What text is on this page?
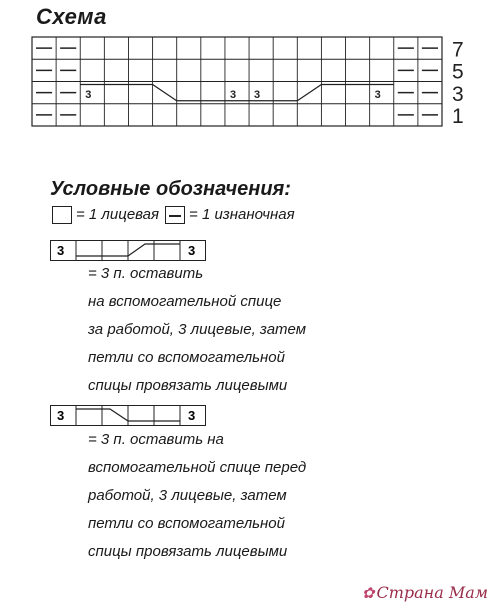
Схема
3	3 3	3
7
5
3
1
Условные обозначения:
= 1 лицевая = 1 изнаночная
3	3
= 3 п. оставить
на вспомогательной спице
за работой, 3 лицевые, затем
петли со вспомогательной
спицы провязать лицевыми
3	3
= 3 п. оставить на
вспомогательной спице перед
работой, 3 лицевые, затем
петли со вспомогательной
спицы провязать лицевыми
✿ Страна Мам
